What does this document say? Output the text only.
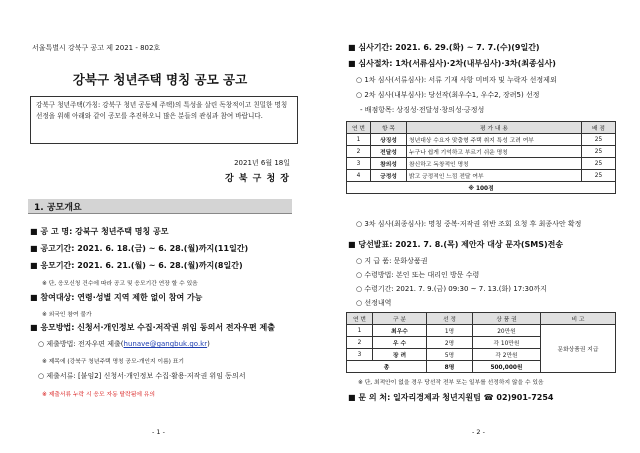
서울특별시 강북구 공고 제 2021 - 802호
강북구 청년주택 명칭 공모 공고
강북구 청년주택(가칭: 강북구 청년 공동체 주택)의 특성을 살린 독창적이고 친밀한 명칭 선정을 위해 아래와 같이 공모를 추진하오니 많은 분들의 관심과 참여 바랍니다.
2021년 6월 18일
강 북 구 청 장
1. 공모개요
■ 공 고 명: 강북구 청년주택 명칭 공모
■ 공고기간: 2021. 6. 18.(금) ~ 6. 28.(월)까지(11일간)
■ 응모기간: 2021. 6. 21.(월) ~ 6. 28.(월)까지(8일간)
※ 단, 응모신청 건수에 따라 공고 및 응모기간 연장 할 수 있음
■ 참여대상: 연령·성별 지역 제한 없이 참여 가능
※ 외국인 참여 불가
■ 응모방법: 신청서·개인정보 수집·저작권 위임 동의서 전자우편 제출
○ 제출방법: 전자우편 제출(hunave@gangbuk.go.kr)
※ 제목에 (강북구 청년주택 명칭 공모-개인지 이름) 표기
○ 제출서류: [붙임2] 신청서·개인정보 수집·활용·저작권 위임 동의서
※ 제출서류 누락 시 응모 자동 탈락됨에 유의
- 1 -
■ 심사기간: 2021. 6. 29.(화) ~ 7. 7.(수)(9일간)
■ 심사절차: 1차(서류심사)·2차(내부심사)·3차(최종심사)
○ 1차 심사(서류심사): 서류 기재 사항 미비자 및 누락자 선정제외
○ 2차 심사(내부심사): 당선작(최우수1, 우수2, 장려5) 선정
- 배점항목: 상징성·전달성·창의성·긍정성
연 번	항 목	평 가 내 용	배 점
1	상징성	청년대상 수요자 맞춤형 주택 취지 특성 고려 여부	25
2	전달성	누구나 쉽게 기억하고 부르기 쉬운 명칭	25
3	참의성	참신하고 독창적인 명칭	25
4	긍정성	밝고 긍정적인 느낌 전달 여부	25
※ 100점			
○ 3차 심사(최종심사): 명칭 중복·저작권 위반 조회 요청 후 최종사안 확정
■ 당선발표: 2021. 7. 8.(목) 제안자 대상 문자(SMS)전송
○ 지 급 품: 문화상품권
○ 수령방법: 본인 또는 대리인 방문 수령
○ 수령기간: 2021. 7. 9.(금) 09:30 ~ 7. 13.(화) 17:30까지
○ 선정내역
연 번	구 분	선 정	상 품 권	비 고
1	최우수	1명	20만원	문화상품권 지급
2	우 수	2명	각 10만원	
3	장 려	5명	각 2만원	
총		8명	500,000원	
※ 단, 최적안이 없을 경우 당선작 전부 또는 일부를 선정하지 않을 수 있음
■ 문 의 처: 일자리경제과 청년지원팀 ☎ 02)901-7254
- 2 -
